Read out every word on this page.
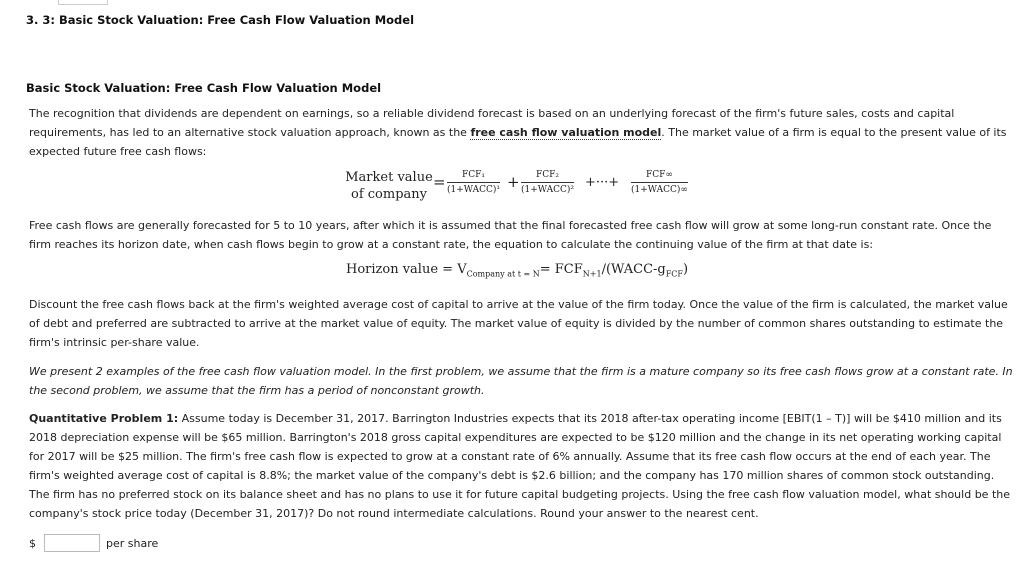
3. 3: Basic Stock Valuation: Free Cash Flow Valuation Model
Basic Stock Valuation: Free Cash Flow Valuation Model
The recognition that dividends are dependent on earnings, so a reliable dividend forecast is based on an underlying forecast of the firm's future sales, costs and capital requirements, has led to an alternative stock valuation approach, known as the free cash flow valuation model. The market value of a firm is equal to the present value of its expected future free cash flows:
Market value
of company
=	FCF₁
(1+WACC)¹ +	FCF₂
(1+WACC)² +···+	FCF∞
(1+WACC)∞
Free cash flows are generally forecasted for 5 to 10 years, after which it is assumed that the final forecasted free cash flow will grow at some long-run constant rate. Once the firm reaches its horizon date, when cash flows begin to grow at a constant rate, the equation to calculate the continuing value of the firm at that date is:
Horizon value = $V_{Company at t = N}=$ $FCF_{N+1}/(WACC-g_{FCF})$
Discount the free cash flows back at the firm's weighted average cost of capital to arrive at the value of the firm today. Once the value of the firm is calculated, the market value of debt and preferred are subtracted to arrive at the market value of equity. The market value of equity is divided by the number of common shares outstanding to estimate the firm's intrinsic per-share value.
We present 2 examples of the free cash flow valuation model. In the first problem, we assume that the firm is a mature company so its free cash flows grow at a constant rate. In the second problem, we assume that the firm has a period of nonconstant growth.
Quantitative Problem 1: Assume today is December 31, 2017. Barrington Industries expects that its 2018 after-tax operating income [EBIT(1 – T)] will be $410 million and its 2018 depreciation expense will be $65 million. Barrington's 2018 gross capital expenditures are expected to be $120 million and the change in its net operating working capital for 2017 will be $25 million. The firm's free cash flow is expected to grow at a constant rate of 6% annually. Assume that its free cash flow occurs at the end of each year. The firm's weighted average cost of capital is 8.8%; the market value of the company's debt is $2.6 billion; and the company has 170 million shares of common stock outstanding. The firm has no preferred stock on its balance sheet and has no plans to use it for future capital budgeting projects. Using the free cash flow valuation model, what should be the company's stock price today (December 31, 2017)? Do not round intermediate calculations. Round your answer to the nearest cent.
$	per share
